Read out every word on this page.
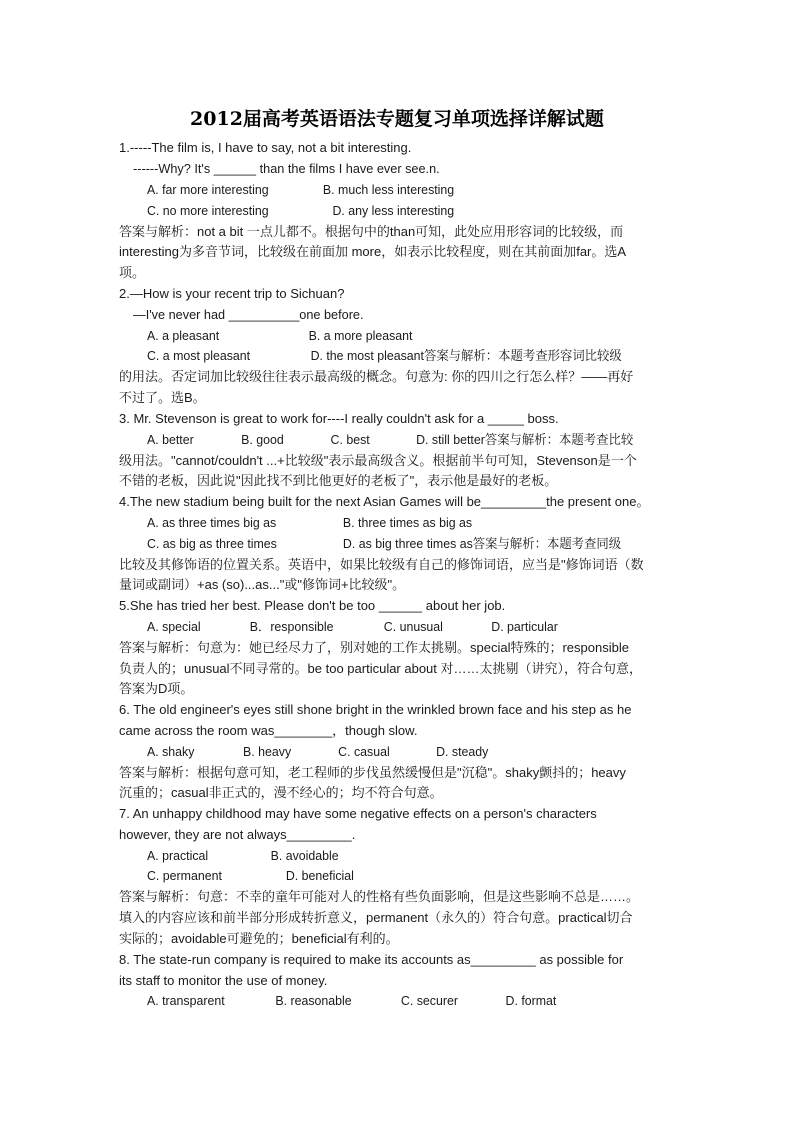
2012届高考英语语法专题复习单项选择详解试题
1.-----The film is, I have to say, not a bit interesting.
------Why? It's ______ than the films I have ever see.n.
A. far more interesting	B. much less interesting
C. no more interesting	D. any less interesting
答案与解析：not a bit 一点儿都不。根据句中的than可知，此处应用形容词的比较级，而
interesting为多音节词，比较级在前面加 more，如表示比较程度，则在其前面加far。选A
项。
2.—How is your recent trip to Sichuan?
—I've never had __________one before.
A. a pleasant	B. a more pleasant
C. a most pleasant	D. the most pleasant答案与解析：本题考查形容词比较级
的用法。否定词加比较级往往表示最高级的概念。句意为: 你的四川之行怎么样？——再好
不过了。选B。
3. Mr. Stevenson is great to work for----I really couldn't ask for a _____ boss.
A. better	B. good	C. best	D. still better答案与解析：本题考查比较
级用法。"cannot/couldn't ...+比较级"表示最高级含义。根据前半句可知，Stevenson是一个
不错的老板，因此说"因此找不到比他更好的老板了"，表示他是最好的老板。
4.The new stadium being built for the next Asian Games will be_________the present one。
A. as three times big as	B. three times as big as
C. as big as three times	D. as big three times as答案与解析：本题考查同级
比较及其修饰语的位置关系。英语中，如果比较级有自己的修饰词语，应当是"修饰词语（数
量词或副词）+as (so)...as..."或"修饰词+比较级"。
5.She has tried her best. Please don't be too ______ about her job.
A. special	B．responsible	C. unusual	D. particular
答案与解析：句意为：她已经尽力了，别对她的工作太挑剔。special特殊的；responsible
负责人的；unusual不同寻常的。be too particular about 对……太挑剔（讲究），符合句意，
答案为D项。
6. The old engineer's eyes still shone bright in the wrinkled brown face and his step as he
came across the room was________，though slow.
A. shaky	B. heavy	C. casual	D. steady
答案与解析：根据句意可知，老工程师的步伐虽然缓慢但是"沉稳"。shaky颤抖的；heavy
沉重的；casual非正式的，漫不经心的；均不符合句意。
7. An unhappy childhood may have some negative effects on a person's characters
however, they are not always_________.
A. practical	B. avoidable
C. permanent	D. beneficial
答案与解析：句意：不幸的童年可能对人的性格有些负面影响，但是这些影响不总是……。
填入的内容应该和前半部分形成转折意义，permanent（永久的）符合句意。practical切合
实际的；avoidable可避免的；beneficial有利的。
8. The state-run company is required to make its accounts as_________ as possible for
its staff to monitor the use of money.
A. transparent	B. reasonable	C. securer	D. format
